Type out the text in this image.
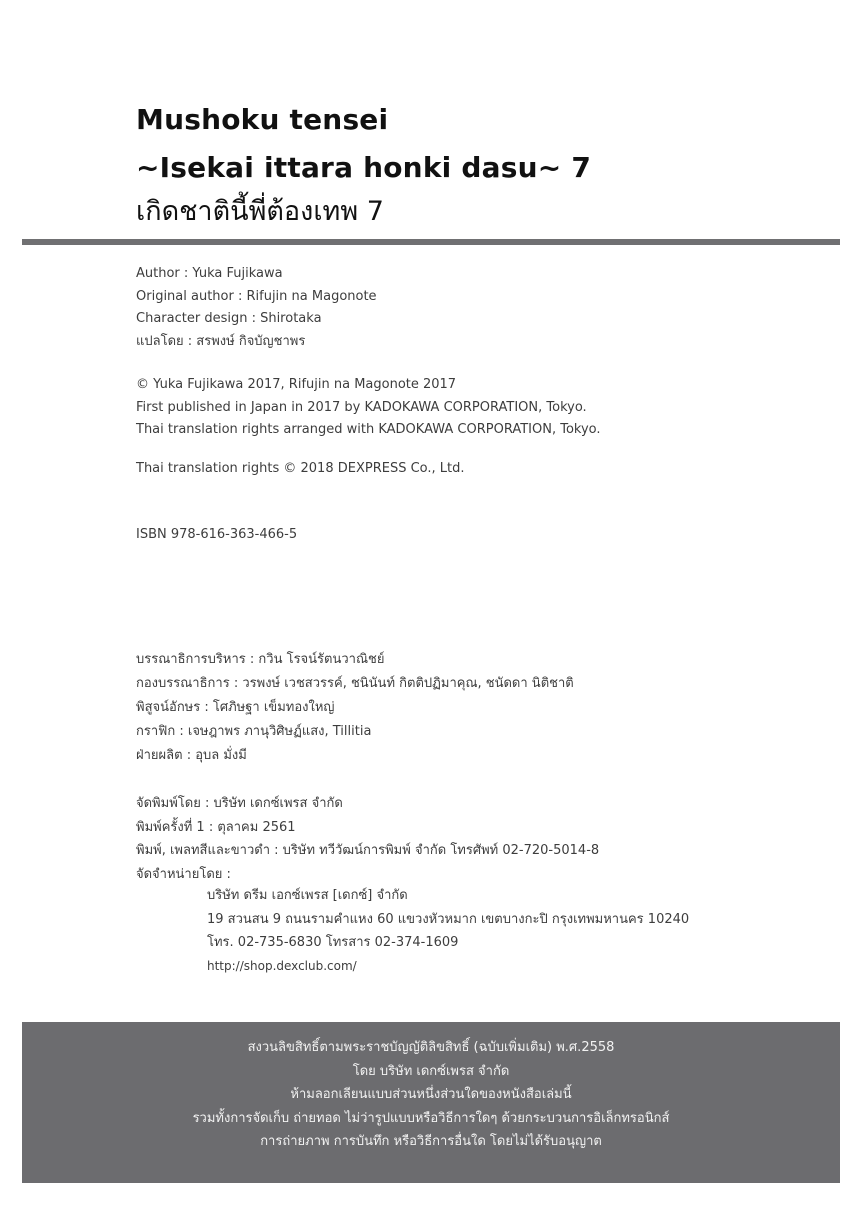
Mushoku tensei
~Isekai ittara honki dasu~ 7
เกิดชาตินี้พี่ต้องเทพ 7
Author : Yuka Fujikawa
Original author : Rifujin na Magonote
Character design : Shirotaka
แปลโดย : สรพงษ์ กิจบัญชาพร
© Yuka Fujikawa 2017, Rifujin na Magonote 2017
First published in Japan in 2017 by KADOKAWA CORPORATION, Tokyo.
Thai translation rights arranged with KADOKAWA CORPORATION, Tokyo.
Thai translation rights © 2018 DEXPRESS Co., Ltd.
ISBN 978-616-363-466-5
บรรณาธิการบริหาร : กวิน โรจน์รัตนวาณิชย์
กองบรรณาธิการ : วรพงษ์ เวชสวรรค์, ชนินันท์ กิตติปฏิมาคุณ, ชนัดดา นิติชาติ
พิสูจน์อักษร : โศภิษฐา เข็มทองใหญ่
กราฟิก : เจษฎาพร ภานุวิศิษฏ์แสง, Tillitia
ฝ่ายผลิต : อุบล มั่งมี
จัดพิมพ์โดย : บริษัท เดกซ์เพรส จำกัด
พิมพ์ครั้งที่ 1 : ตุลาคม 2561
พิมพ์, เพลทสีและขาวดำ : บริษัท ทวีวัฒน์การพิมพ์ จำกัด โทรศัพท์ 02-720-5014-8
จัดจำหน่ายโดย :
บริษัท ดรีม เอกซ์เพรส [เดกซ์] จำกัด
19 สวนสน 9 ถนนรามคำแหง 60 แขวงหัวหมาก เขตบางกะปิ กรุงเทพมหานคร 10240
โทร. 02-735-6830 โทรสาร 02-374-1609
http://shop.dexclub.com/
สงวนลิขสิทธิ์ตามพระราชบัญญัติลิขสิทธิ์ (ฉบับเพิ่มเติม) พ.ศ.2558
โดย บริษัท เดกซ์เพรส จำกัด
ห้ามลอกเลียนแบบส่วนหนึ่งส่วนใดของหนังสือเล่มนี้
รวมทั้งการจัดเก็บ ถ่ายทอด ไม่ว่ารูปแบบหรือวิธีการใดๆ ด้วยกระบวนการอิเล็กทรอนิกส์
การถ่ายภาพ การบันทึก หรือวิธีการอื่นใด โดยไม่ได้รับอนุญาต
